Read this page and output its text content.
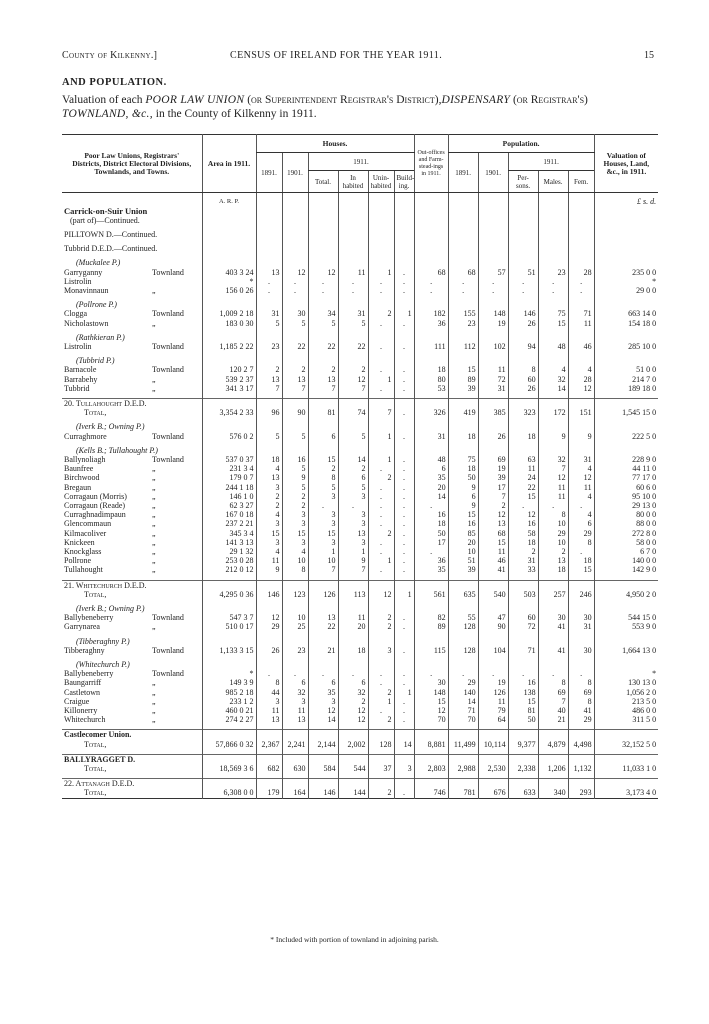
County of Kilkenny.]	CENSUS OF IRELAND FOR THE YEAR 1911.	15
AND POPULATION.
Valuation of each POOR LAW UNION (or Superintendent Registrar's District),DISPENSARY (or Registrar's)
TOWNLAND, &c., in the County of Kilkenny in 1911.
Poor Law Unions, Registrars' Districts, District Electoral Divisions, Townlands, and Towns.		Area in 1911.	Houses.						Out-offices and Farm-stead-ings in 1911.	Population.					Valuation of Houses, Land, &c., in 1911.
			1891.	1901.	1911.					1891.	1901.	1911.			
					Total.	In habited	Unin- habited	Build- ing.				Per-sons.	Males.	Fem.	
		A. R. P.													£ s. d.
Carrick-on-Suir Union															
(part of)—Continued.															

PILLTOWN D.—Continued.															

Tubbrid D.E.D.—Continued.															

(Muckalee P.)															
Garryganny	Townland	403 3 24	13	12	12	11	1	.	68	68	57	51	23	28	235 0 0
Listrolin		*	.	.	.	.	.	.	.	.	.	.	.	.	*
Monavinnaun	„	156 0 26	.	.	.	.	.	.	.	.	.	.	.	.	29 0 0

(Pollrone P.)															
Clogga	Townland	1,009 2 18	31	30	34	31	2	1	182	155	148	146	75	71	663 14 0
Nicholastown	„	183 0 30	5	5	5	5	.	.	36	23	19	26	15	11	154 18 0

(Rathkieran P.)															
Listrolin	Townland	1,185 2 22	23	22	22	22	.	.	111	112	102	94	48	46	285 10 0

(Tubbrid P.)															
Barnacole	Townland	120 2 7	2	2	2	2	.	.	18	15	11	8	4	4	51 0 0
Barrabehy	„	539 2 37	13	13	13	12	1	.	80	89	72	60	32	28	214 7 0
Tubbrid	„	341 3 17	7	7	7	7	.	.	53	39	31	26	14	12	189 18 0

20. Tullahought D.E.D.															
Total,		3,354 2 33	96	90	81	74	7	.	326	419	385	323	172	151	1,545 15 0

(Iverk B.; Owning P.)															
Curraghmore	Townland	576 0 2	5	5	6	5	1	.	31	18	26	18	9	9	222 5 0

(Kells B.; Tullahought P.)															
Ballynoliagh	Townland	537 0 37	18	16	15	14	1	.	48	75	69	63	32	31	228 9 0
Baunfree	„	231 3 4	4	5	2	2	.	.	6	18	19	11	7	4	44 11 0
Birchwood	„	179 0 7	13	9	8	6	2	.	35	50	39	24	12	12	77 17 0
Bregaun	„	244 1 18	3	5	5	5	.	.	20	9	17	22	11	11	60 6 0
Corragaun (Morris)	„	146 1 0	2	2	3	3	.	.	14	6	7	15	11	4	95 10 0
Corragaun (Reade)	„	62 3 27	2	2	.	.	.	.	.	9	2	.	.	.	29 13 0
Curraghnadimpaun	„	167 0 18	4	3	3	3	.	.	16	15	12	12	8	4	80 0 0
Glencommaun	„	237 2 21	3	3	3	3	.	.	18	16	13	16	10	6	88 0 0
Kilmacoliver	„	345 3 4	15	15	15	13	2	.	50	85	68	58	29	29	272 8 0
Knickeen	„	141 3 13	3	3	3	3	.	.	17	20	15	18	10	8	58 0 0
Knockglass	„	29 1 32	4	4	1	1	.	.	.	10	11	2	2	.	6 7 0
Pollrone	„	253 0 28	11	10	10	9	1	.	36	51	46	31	13	18	140 0 0
Tullahought	„	212 0 12	9	8	7	7	.	.	35	39	41	33	18	15	142 9 0

21. Whitechurch D.E.D.															
Total,		4,295 0 36	146	123	126	113	12	1	561	635	540	503	257	246	4,950 2 0

(Iverk B.; Owning P.)															
Ballybeneberry	Townland	547 3 7	12	10	13	11	2	.	82	55	47	60	30	30	544 15 0
Garrynarea	„	510 0 17	29	25	22	20	2	.	89	128	90	72	41	31	553 9 0

(Tibberaghny P.)															
Tibberaghny	Townland	1,133 3 15	26	23	21	18	3	.	115	128	104	71	41	30	1,664 13 0

(Whitechurch P.)															
Ballybeneberry	Townland	*	.	.	.	.	.	.	.	.	.	.	.	.	*
Baungarriff	„	149 3 9	8	6	6	6	.	.	30	29	19	16	8	8	130 13 0
Castletown	„	985 2 18	44	32	35	32	2	1	148	140	126	138	69	69	1,056 2 0
Craigue	„	233 1 2	3	3	3	2	1	.	15	14	11	15	7	8	213 5 0
Killonerry	„	460 0 21	11	11	12	12	.	.	12	71	79	81	40	41	486 0 0
Whitechurch	„	274 2 27	13	13	14	12	2	.	70	70	64	50	21	29	311 5 0

Castlecomer Union.															
Total,		57,866 0 32	2,367	2,241	2,144	2,002	128	14	8,881	11,499	10,114	9,377	4,879	4,498	32,152 5 0

BALLYRAGGET D.															
Total,		18,569 3 6	682	630	584	544	37	3	2,803	2,988	2,530	2,338	1,206	1,132	11,033 1 0

22. Attanagh D.E.D.															
Total,		6,308 0 0	179	164	146	144	2	.	746	781	676	633	340	293	3,173 4 0
* Included with portion of townland in adjoining parish.
